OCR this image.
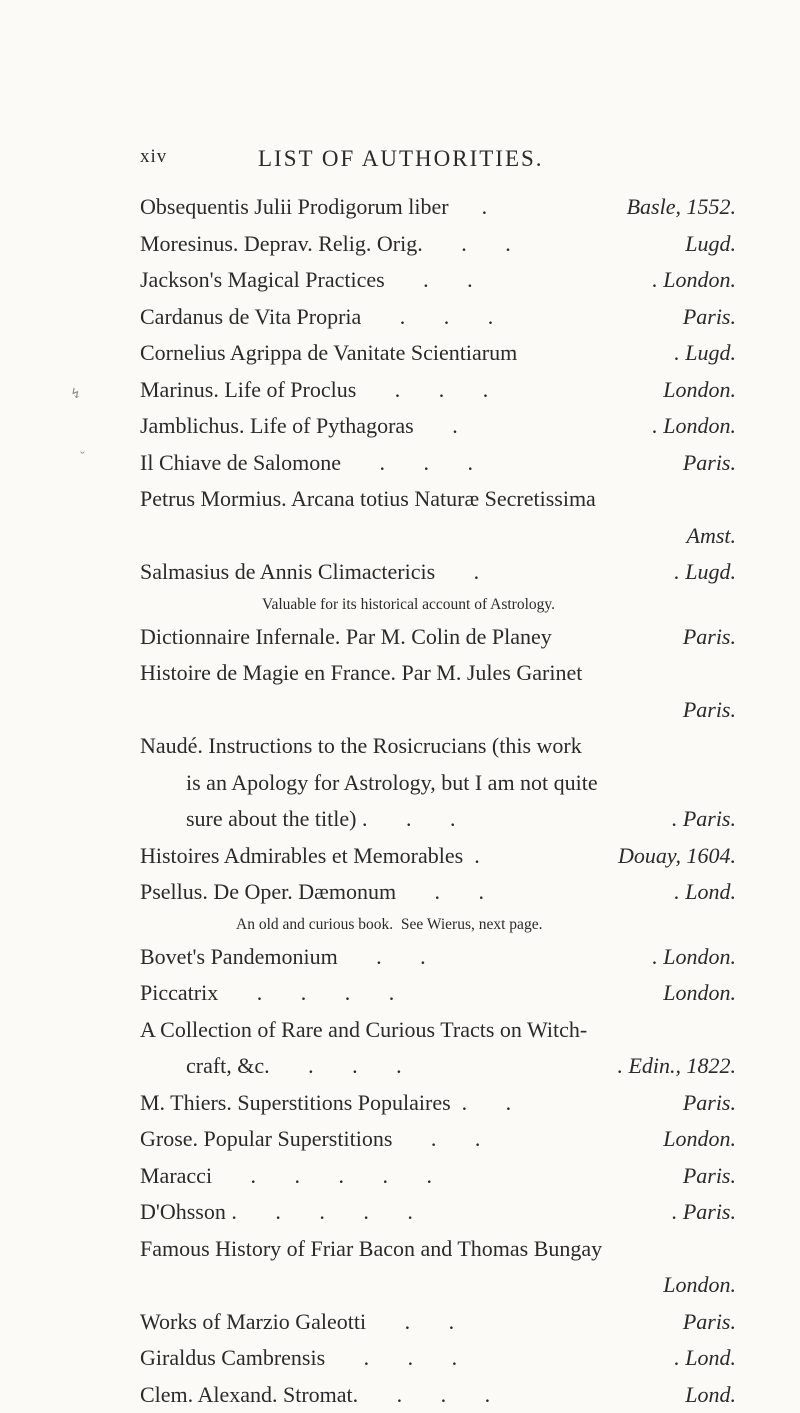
xiv	LIST OF AUTHORITIES.
↯
ˇ
Obsequentis Julii Prodigorum liber      .	Basle, 1552.
Moresinus. Deprav. Relig. Orig.       .       .	Lugd.
Jackson's Magical Practices       .       .	. London.
Cardanus de Vita Propria       .       .       .	Paris.
Cornelius Agrippa de Vanitate Scientiarum	. Lugd.
Marinus. Life of Proclus       .       .       .	London.
Jamblichus. Life of Pythagoras       .	. London.
Il Chiave de Salomone       .       .       .	Paris.
Petrus Mormius. Arcana totius Naturæ Secretissima
Amst.
Salmasius de Annis Climactericis       .	. Lugd.
Valuable for its historical account of Astrology.
Dictionnaire Infernale. Par M. Colin de Planey	Paris.
Histoire de Magie en France. Par M. Jules Garinet
Paris.
Naudé. Instructions to the Rosicrucians (this work
is an Apology for Astrology, but I am not quite
sure about the title) .       .       .	. Paris.
Histoires Admirables et Memorables  .	Douay, 1604.
Psellus. De Oper. Dæmonum       .       .	. Lond.
An old and curious book.  See Wierus, next page.
Bovet's Pandemonium       .       .	. London.
Piccatrix       .       .       .       .	London.
A Collection of Rare and Curious Tracts on Witch-
craft, &c.       .       .       .	. Edin., 1822.
M. Thiers. Superstitions Populaires  .       .	Paris.
Grose. Popular Superstitions       .       .	London.
Maracci       .       .       .       .       .	Paris.
D'Ohsson .       .       .       .       .	. Paris.
Famous History of Friar Bacon and Thomas Bungay
London.
Works of Marzio Galeotti       .       .	Paris.
Giraldus Cambrensis       .       .       .	. Lond.
Clem. Alexand. Stromat.       .       .       .	Lond.
